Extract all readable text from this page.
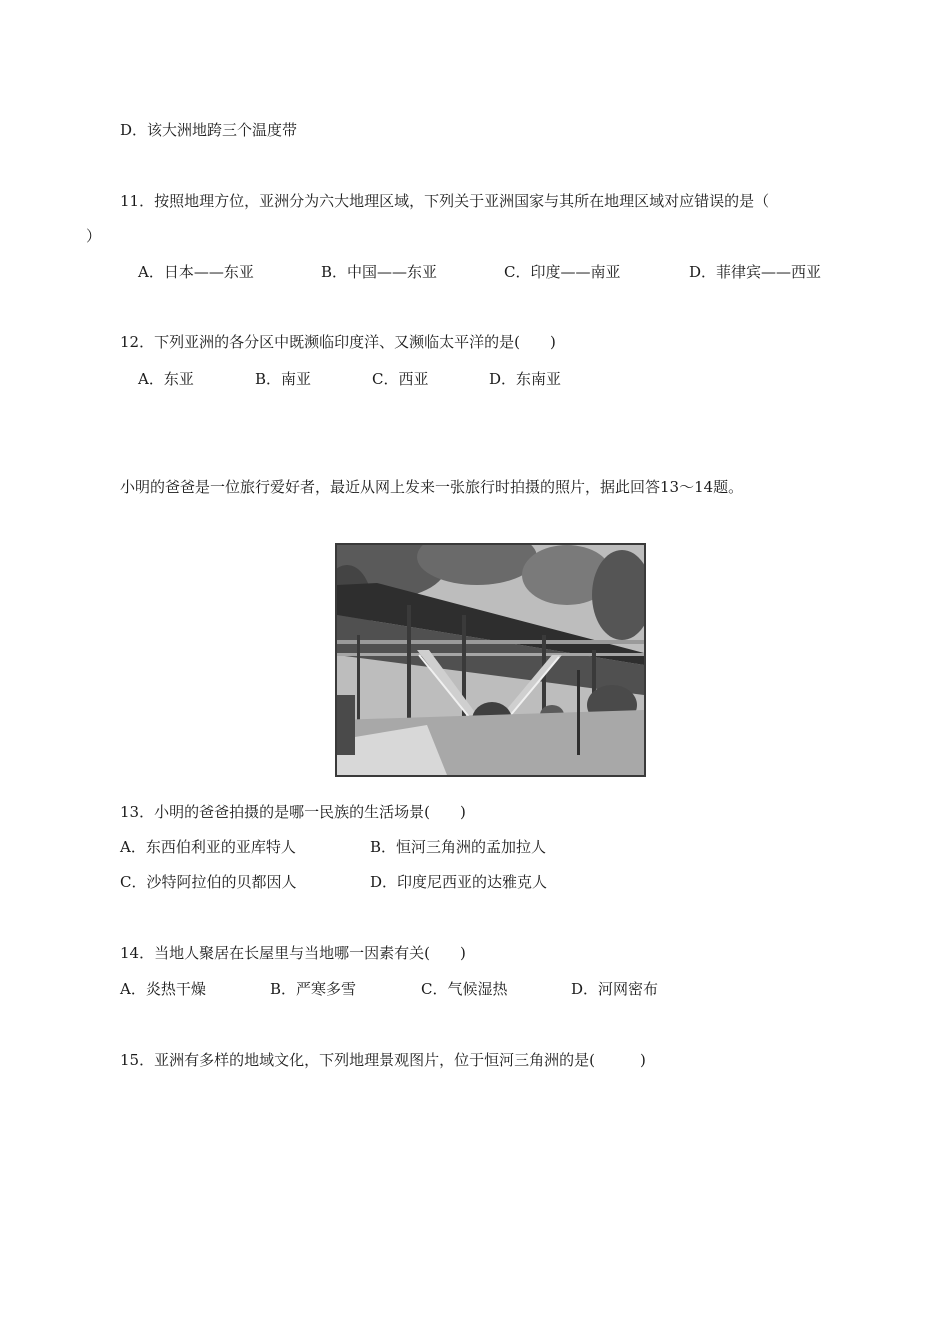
D．该大洲地跨三个温度带
11．按照地理方位，亚洲分为六大地理区域，下列关于亚洲国家与其所在地理区域对应错误的是（
）
A．日本——东亚	B．中国——东亚	C．印度——南亚	D．菲律宾——西亚
12．下列亚洲的各分区中既濒临印度洋、又濒临太平洋的是(　　)
A．东亚	B．南亚	C．西亚	D．东南亚
小明的爸爸是一位旅行爱好者，最近从网上发来一张旅行时拍摄的照片，据此回答13～14题。
13．小明的爸爸拍摄的是哪一民族的生活场景(　　)
A．东西伯利亚的亚库特人	B．恒河三角洲的孟加拉人
C．沙特阿拉伯的贝都因人	D．印度尼西亚的达雅克人
14．当地人聚居在长屋里与当地哪一因素有关(　　)
A．炎热干燥	B．严寒多雪	C．气候湿热	D．河网密布
15．亚洲有多样的地域文化，下列地理景观图片，位于恒河三角洲的是(　　　)
